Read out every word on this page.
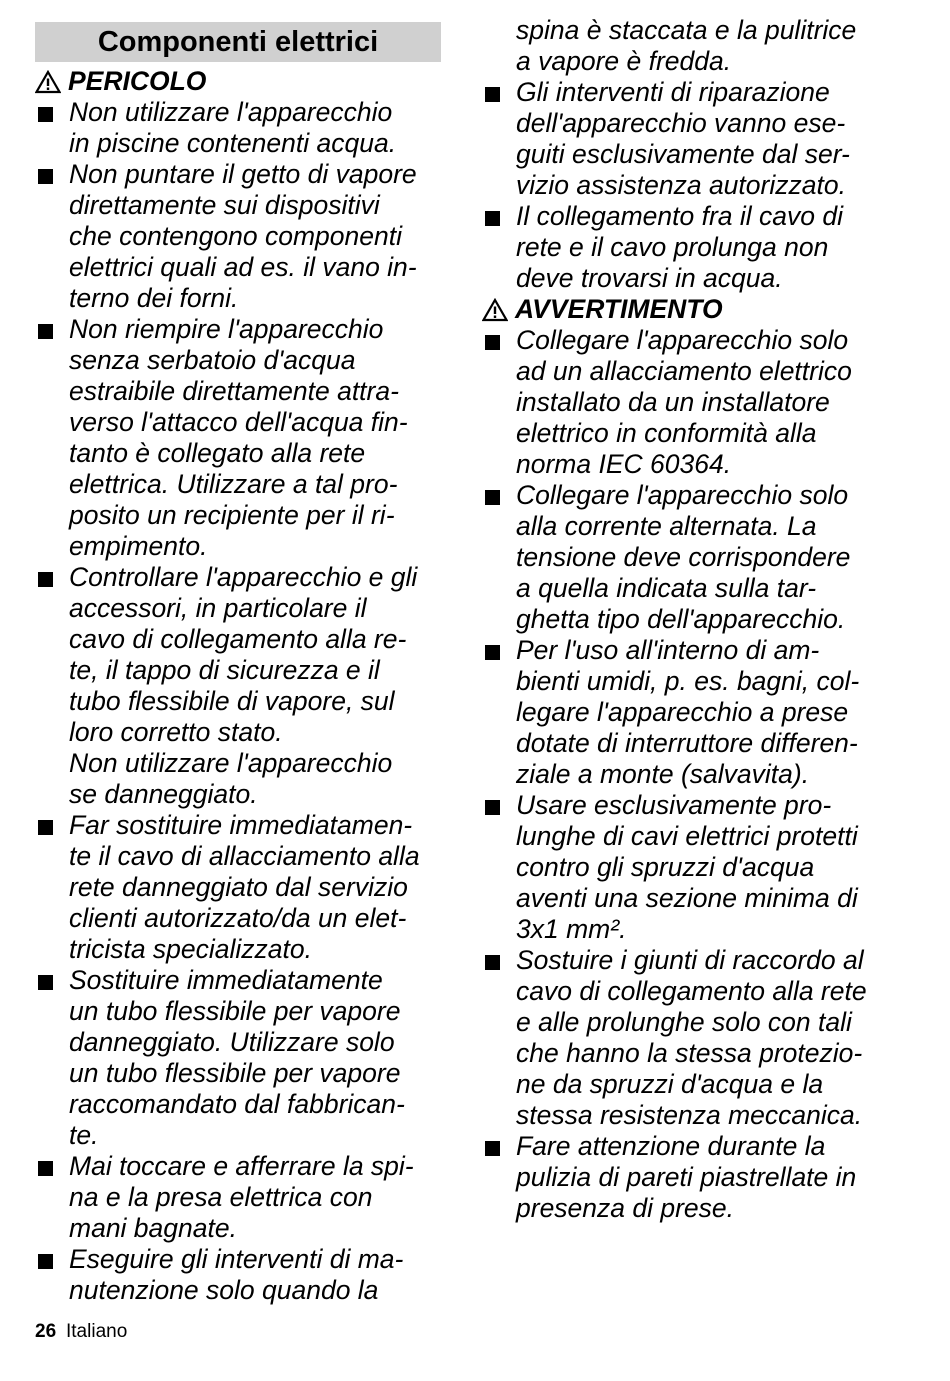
Componenti elettrici
PERICOLO
Non utilizzare l'apparecchio
in piscine contenenti acqua.
Non puntare il getto di vapore
direttamente sui dispositivi
che contengono componenti
elettrici quali ad es. il vano in-
terno dei forni.
Non riempire l'apparecchio
senza serbatoio d'acqua
estraibile direttamente attra-
verso l'attacco dell'acqua fin-
tanto è collegato alla rete
elettrica. Utilizzare a tal pro-
posito un recipiente per il ri-
empimento.
Controllare l'apparecchio e gli
accessori, in particolare il
cavo di collegamento alla re-
te, il tappo di sicurezza e il
tubo flessibile di vapore, sul
loro corretto stato.
Non utilizzare l'apparecchio
se danneggiato.
Far sostituire immediatamen-
te il cavo di allacciamento alla
rete danneggiato dal servizio
clienti autorizzato/da un elet-
tricista specializzato.
Sostituire immediatamente
un tubo flessibile per vapore
danneggiato. Utilizzare solo
un tubo flessibile per vapore
raccomandato dal fabbrican-
te.
Mai toccare e afferrare la spi-
na e la presa elettrica con
mani bagnate.
Eseguire gli interventi di ma-
nutenzione solo quando la
spina è staccata e la pulitrice
a vapore è fredda.
Gli interventi di riparazione
dell'apparecchio vanno ese-
guiti esclusivamente dal ser-
vizio assistenza autorizzato.
Il collegamento fra il cavo di
rete e il cavo prolunga non
deve trovarsi in acqua.
AVVERTIMENTO
Collegare l'apparecchio solo
ad un allacciamento elettrico
installato da un installatore
elettrico in conformità alla
norma IEC 60364.
Collegare l'apparecchio solo
alla corrente alternata. La
tensione deve corrispondere
a quella indicata sulla tar-
ghetta tipo dell'apparecchio.
Per l'uso all'interno di am-
bienti umidi, p. es. bagni, col-
legare l'apparecchio a prese
dotate di interruttore differen-
ziale a monte (salvavita).
Usare esclusivamente pro-
lunghe di cavi elettrici protetti
contro gli spruzzi d'acqua
aventi una sezione minima di
3x1 mm².
Sostuire i giunti di raccordo al
cavo di collegamento alla rete
e alle prolunghe solo con tali
che hanno la stessa protezio-
ne da spruzzi d'acqua e la
stessa resistenza meccanica.
Fare attenzione durante la
pulizia di pareti piastrellate in
presenza di prese.
26 Italiano
